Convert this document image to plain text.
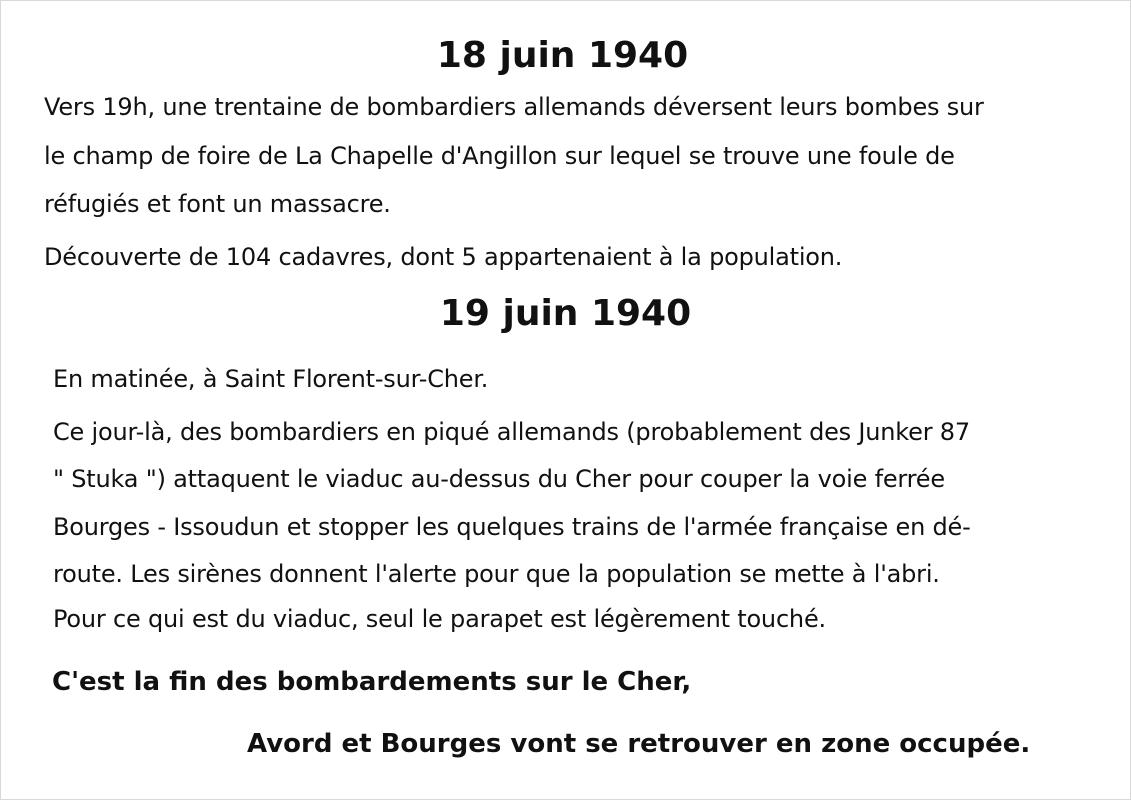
18 juin 1940

Vers 19h, une trentaine de bombardiers allemands déversent leurs bombes sur

le champ de foire de La Chapelle d'Angillon sur lequel se trouve une foule de

réfugiés et font un massacre.

Découverte de 104 cadavres, dont 5 appartenaient à la population.

19 juin 1940

En matinée, à Saint Florent-sur-Cher.

Ce jour-là, des bombardiers en piqué allemands (probablement des Junker 87

" Stuka ") attaquent le viaduc au-dessus du Cher pour couper la voie ferrée

Bourges - Issoudun et stopper les quelques trains de l'armée française en dé-

route. Les sirènes donnent l'alerte pour que la population se mette à l'abri.

Pour ce qui est du viaduc, seul le parapet est légèrement touché.

C'est la fin des bombardements sur le Cher,

Avord et Bourges vont se retrouver en zone occupée.
